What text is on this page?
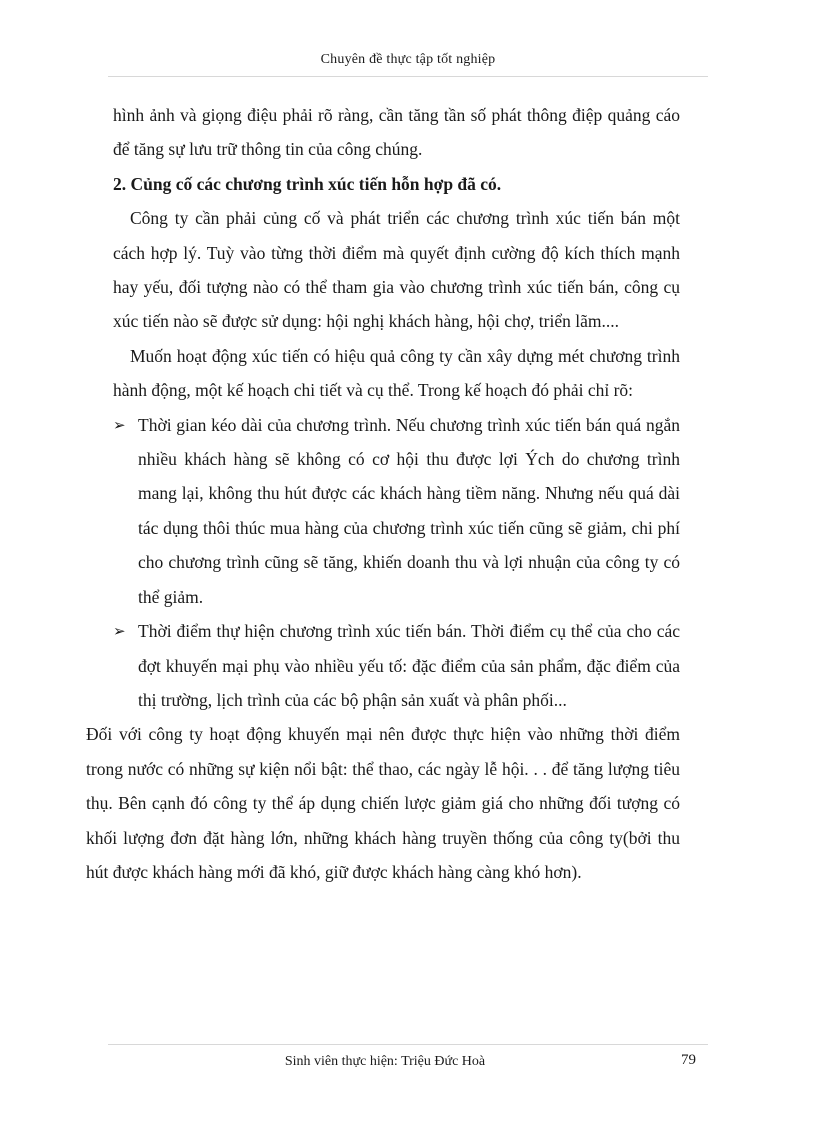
Chuyên đề thực tập tốt nghiệp

hình ảnh và giọng điệu phải rõ ràng, cần tăng tần số phát thông điệp quảng cáo để tăng sự lưu trữ thông tin của công chúng.

2. Củng cố các chương trình xúc tiến hỗn hợp đã có.

Công ty cần phải củng cố và phát triển các chương trình xúc tiến bán một cách hợp lý. Tuỳ vào từng thời điểm mà quyết định cường độ kích thích mạnh hay yếu, đối tượng nào có thể tham gia vào chương trình xúc tiến bán, công cụ xúc tiến nào sẽ được sử dụng: hội nghị khách hàng, hội chợ, triển lãm....

Muốn hoạt động xúc tiến có hiệu quả công ty cần xây dựng mét chương trình hành động, một kế hoạch chi tiết và cụ thể. Trong kế hoạch đó phải chỉ rõ:

➢ Thời gian kéo dài của chương trình. Nếu chương trình xúc tiến bán quá ngắn nhiều khách hàng sẽ không có cơ hội thu được lợi Ých do chương trình mang lại, không thu hút được các khách hàng tiềm năng. Nhưng nếu quá dài tác dụng thôi thúc mua hàng của chương trình xúc tiến cũng sẽ giảm, chi phí cho chương trình cũng sẽ tăng, khiến doanh thu và lợi nhuận của công ty có thể giảm.
➢ Thời điểm thự hiện chương trình xúc tiến bán. Thời điểm cụ thể của cho các đợt khuyến mại phụ vào nhiều yếu tố: đặc điểm của sản phẩm, đặc điểm của thị trường, lịch trình của các bộ phận sản xuất và phân phối...

Đối với công ty hoạt động khuyến mại nên được thực hiện vào những thời điểm trong nước có những sự kiện nổi bật: thể thao, các ngày lễ hội. . . để tăng lượng tiêu thụ. Bên cạnh đó công ty thể áp dụng chiến lược giảm giá cho những đối tượng có khối lượng đơn đặt hàng lớn, những khách hàng truyền thống của công ty(bởi thu hút được khách hàng mới đã khó, giữ được khách hàng càng khó hơn).

Sinh viên thực hiện: Triệu Đức Hoà	79
